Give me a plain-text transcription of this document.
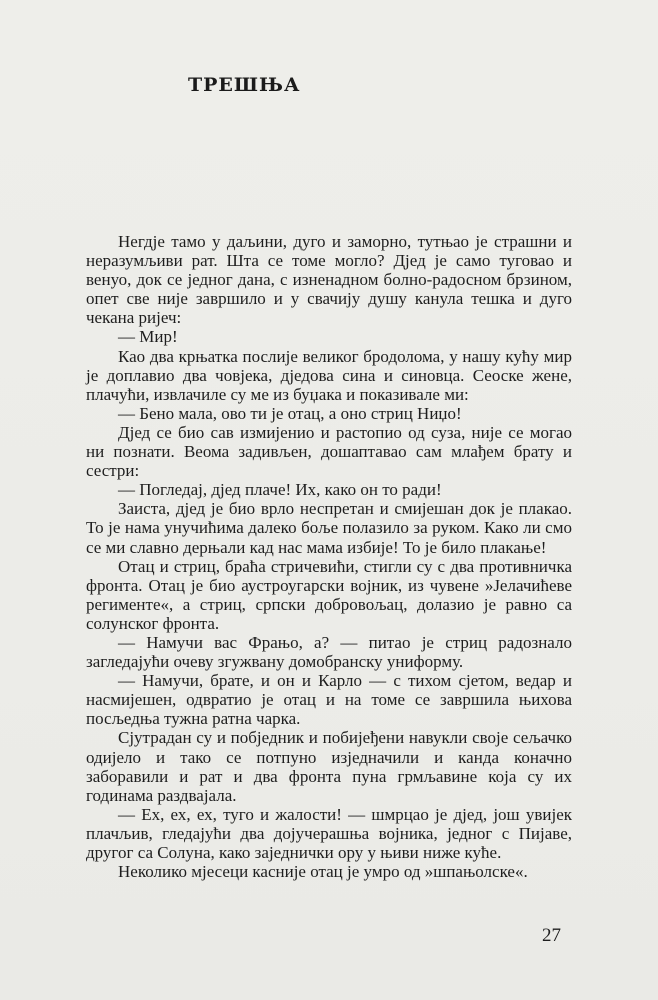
ТРЕШЊА

Негдје тамо у даљини, дуго и заморно, тутњао је страшни и неразумљиви рат. Шта се томе могло? Дјед је само туговао и венуо, док се једног дана, с изненадном болно-радосном брзином, опет све није завршило и у свачију душу канула тешка и дуго чекана ријеч:

— Мир!

Као два крњатка послије великог бродолома, у нашу кућу мир је доплавио два човјека, дједова сина и синовца. Сеоске жене, плачући, извлачиле су ме из буџака и показивале ми:

— Бено мала, ово ти је отац, а оно стриц Ниџо!

Дјед се био сав измијенио и растопио од суза, није се могао ни познати. Веома задивљен, дошаптавао сам млађем брату и сестри:

— Погледај, дјед плаче! Их, како он то ради!

Заиста, дјед је био врло неспретан и смијешан док је плакао. То је нама унучићима далеко боље полазило за руком. Како ли смо се ми славно дерњали кад нас мама избије! То је било плакање!

Отац и стриц, браћа стричевићи, стигли су с два противничка фронта. Отац је био аустроугарски војник, из чувене »Јелачићеве регименте«, а стриц, српски добровољац, долазио је равно са солунског фронта.

— Намучи вас Фрањо, а? — питао је стриц радознало загледајући очеву згужвану домобранску униформу.

— Намучи, брате, и он и Карло — с тихом сјетом, ведар и насмијешен, одвратио је отац и на томе се завршила њихова посљедња тужна ратна чарка.

Сјутрадан су и побједник и побијеђени навукли своје сељачко одијело и тако се потпуно изједначили и канда коначно заборавили и рат и два фронта пуна грмљавине која су их годинама раздвајала.

— Ех, ех, ех, туго и жалости! — шмрцао је дјед, још увијек плачљив, гледајући два дојучерашња војника, једног с Пијаве, другог са Солуна, како заједнички ору у њиви ниже куће.

Неколико мјесеци касније отац је умро од »шпањолске«.

27
